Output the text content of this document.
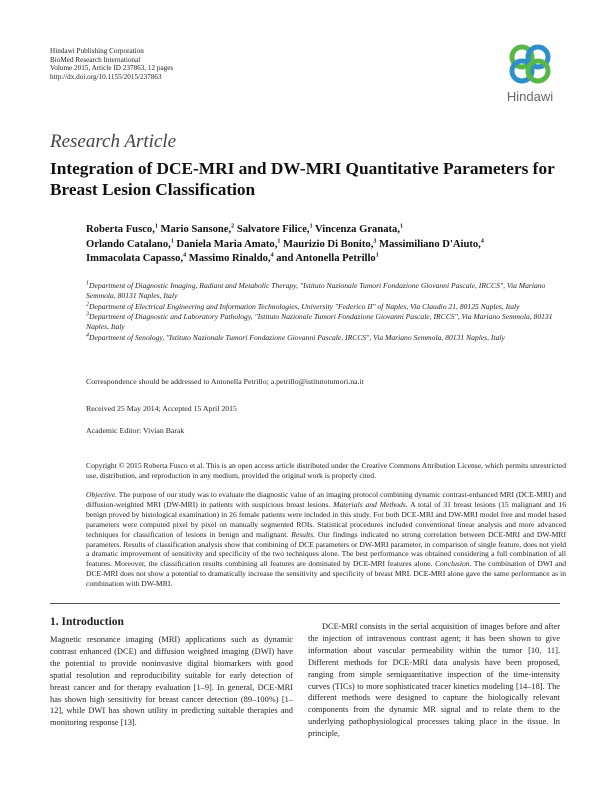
Hindawi Publishing Corporation
BioMed Research International
Volume 2015, Article ID 237863, 12 pages
http://dx.doi.org/10.1155/2015/237863
Hindawi
Research Article
Integration of DCE-MRI and DW-MRI Quantitative Parameters for Breast Lesion Classification
Roberta Fusco,$^1$ Mario Sansone,$^2$ Salvatore Filice,$^1$ Vincenza Granata,$^1$
Orlando Catalano,$^1$ Daniela Maria Amato,$^1$ Maurizio Di Bonito,$^3$ Massimiliano D'Aiuto,$^4$
Immacolata Capasso,$^4$ Massimo Rinaldo,$^4$ and Antonella Petrillo$^1$
$^1$Department of Diagnostic Imaging, Radiant and Metabolic Therapy, "Istituto Nazionale Tumori Fondazione Giovanni Pascale, IRCCS", Via Mariano Semmola, 80131 Naples, Italy
$^2$Department of Electrical Engineering and Information Technologies, University "Federico II" of Naples, Via Claudio 21, 80125 Naples, Italy
$^3$Department of Diagnostic and Laboratory Pathology, "Istituto Nazionale Tumori Fondazione Giovanni Pascale, IRCCS", Via Mariano Semmola, 80131 Naples, Italy
$^4$Department of Senology, "Istituto Nazionale Tumori Fondazione Giovanni Pascale, IRCCS", Via Mariano Semmola, 80131 Naples, Italy
Correspondence should be addressed to Antonella Petrillo; a.petrillo@istitutotumori.na.it
Received 25 May 2014; Accepted 15 April 2015
Academic Editor: Vivian Barak
Copyright © 2015 Roberta Fusco et al. This is an open access article distributed under the Creative Commons Attribution License, which permits unrestricted use, distribution, and reproduction in any medium, provided the original work is properly cited.
Objective. The purpose of our study was to evaluate the diagnostic value of an imaging protocol combining dynamic contrast-enhanced MRI (DCE-MRI) and diffusion-weighted MRI (DW-MRI) in patients with suspicious breast lesions. Materials and Methods. A total of 31 breast lesions (15 malignant and 16 benign proved by histological examination) in 26 female patients were included in this study. For both DCE-MRI and DW-MRI model free and model based parameters were computed pixel by pixel on manually segmented ROIs. Statistical procedures included conventional linear analysis and more advanced techniques for classification of lesions in benign and malignant. Results. Our findings indicated no strong correlation between DCE-MRI and DW-MRI parameters. Results of classification analysis show that combining of DCE parameters or DW-MRI parameter, in comparison of single feature, does not yield a dramatic improvement of sensitivity and specificity of the two techniques alone. The best performance was obtained considering a full combination of all features. Moreover, the classification results combining all features are dominated by DCE-MRI features alone. Conclusion. The combination of DWI and DCE-MRI does not show a potential to dramatically increase the sensitivity and specificity of breast MRI. DCE-MRI alone gave the same performance as in combination with DW-MRI.
1. Introduction
Magnetic resonance imaging (MRI) applications such as dynamic contrast enhanced (DCE) and diffusion weighted imaging (DWI) have the potential to provide noninvasive digital biomarkers with good spatial resolution and reproducibility suitable for early detection of breast cancer and for therapy evaluation [1–9]. In general, DCE-MRI has shown high sensitivity for breast cancer detection (89–100%) [1–12], while DWI has shown utility in predicting suitable therapies and monitoring response [13].
DCE-MRI consists in the serial acquisition of images before and after the injection of intravenous contrast agent; it has been shown to give information about vascular permeability within the tumor [10, 11]. Different methods for DCE-MRI data analysis have been proposed, ranging from simple semiquantitative inspection of the time-intensity curves (TICs) to more sophisticated tracer kinetics modeling [14–18]. The different methods were designed to capture the biologically relevant components from the dynamic MR signal and to relate them to the underlying pathophysiological processes taking place in the tissue. In principle,
